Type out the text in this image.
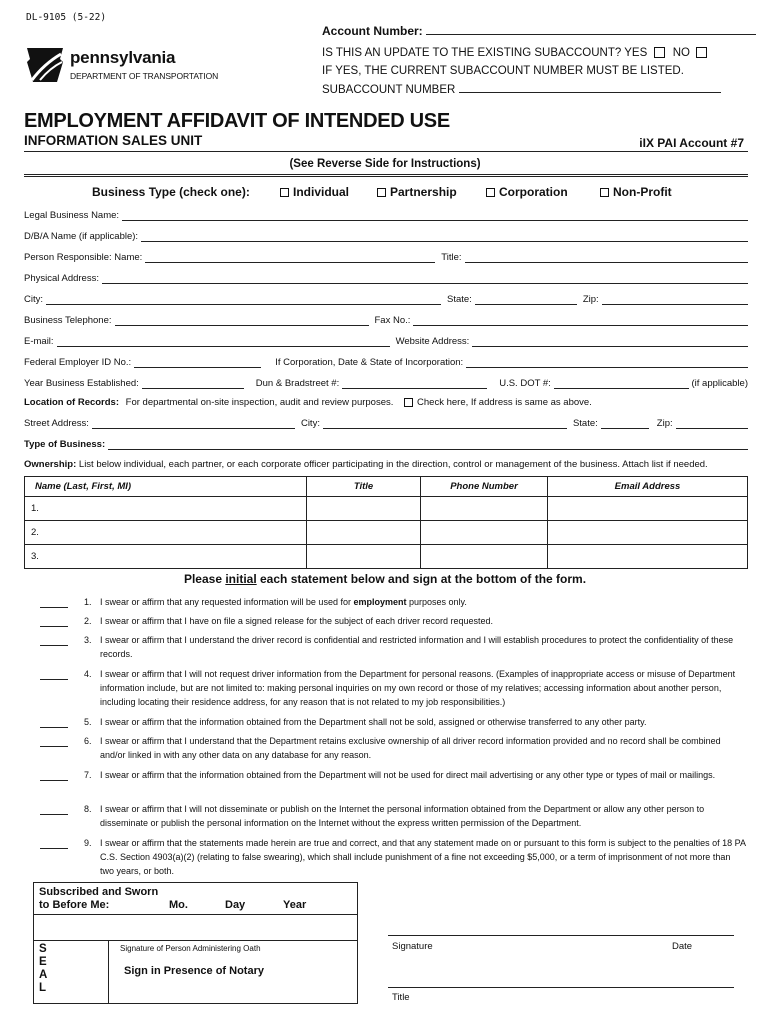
DL-9105 (5-22)
Account Number:
IS THIS AN UPDATE TO THE EXISTING SUBACCOUNT? YES NO
IF YES, THE CURRENT SUBACCOUNT NUMBER MUST BE LISTED.
SUBACCOUNT NUMBER
pennsylvania
DEPARTMENT OF TRANSPORTATION
EMPLOYMENT AFFIDAVIT OF INTENDED USE
INFORMATION SALES UNIT	iIX PAI Account #7
(See Reverse Side for Instructions)
Business Type (check one):	Individual	Partnership	Corporation	Non-Profit
Legal Business Name:
D/B/A Name (if applicable):
Person Responsible: Name:	Title:
Physical Address:
City:	State:	Zip:
Business Telephone:	Fax No.:
E-mail:	Website Address:
Federal Employer ID No.:	If Corporation, Date & State of Incorporation:
Year Business Established:	Dun & Bradstreet #:	U.S. DOT #:	(if applicable)
Location of Records: For departmental on-site inspection, audit and review purposes. Check here, If address is same as above.
Street Address:	City:	State:	Zip:
Type of Business:
Ownership: List below individual, each partner, or each corporate officer participating in the direction, control or management of the business. Attach list if needed.
Name (Last, First, MI)	Title	Phone Number	Email Address
1.			
2.			
3.			
Please initial each statement below and sign at the bottom of the form.
1. I swear or affirm that any requested information will be used for employment purposes only.
2. I swear or affirm that I have on file a signed release for the subject of each driver record requested.
3. I swear or affirm that I understand the driver record is confidential and restricted information and I will establish procedures to protect the confidentiality of these records.
4. I swear or affirm that I will not request driver information from the Department for personal reasons. (Examples of inappropriate access or misuse of Department information include, but are not limited to: making personal inquiries on my own record or those of my relatives; accessing information about another person, including locating their residence address, for any reason that is not related to my job responsibilities.)
5. I swear or affirm that the information obtained from the Department shall not be sold, assigned or otherwise transferred to any other party.
6. I swear or affirm that I understand that the Department retains exclusive ownership of all driver record information provided and no record shall be combined and/or linked in with any other data on any database for any reason.
7. I swear or affirm that the information obtained from the Department will not be used for direct mail advertising or any other type or types of mail or mailings.
8. I swear or affirm that I will not disseminate or publish on the Internet the personal information obtained from the Department or allow any other person to disseminate or publish the personal information on the Internet without the express written permission of the Department.
9. I swear or affirm that the statements made herein are true and correct, and that any statement made on or pursuant to this form is subject to the penalties of 18 PA C.S. Section 4903(a)(2) (relating to false swearing), which shall include punishment of a fine not exceeding $5,000, or a term of imprisonment of not more than two years, or both.
Subscribed and Sworn
to Before Me:	Mo.	Day	Year
S
E
A
L
Signature of Person Administering Oath
Sign in Presence of Notary
Signature	Date
Title
